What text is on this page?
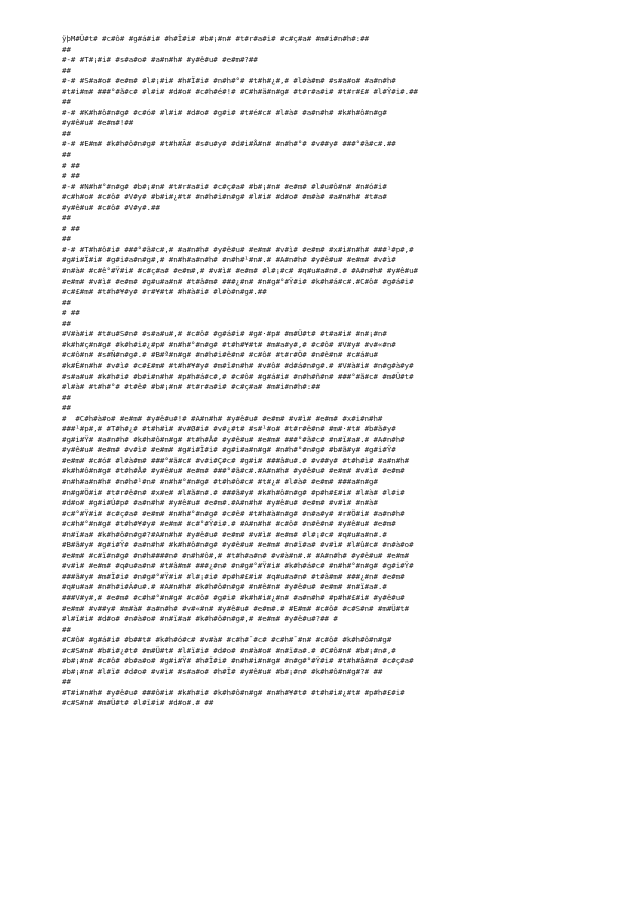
ÿþM#Ü#t# #c#ô# #g#á#i# #h#Ï#i# #b#¡#n# #t#r#a#i# #c#ç#a# #m#i#n#h#:##
##
#-# #T#¡#i# #s#a#o# #a#n#h# #y#ê#u# #e#m#?##
##
#-# #S#a#o# #e#m# #l#¡#i# #h#Ï#i# #n#h#°# #t#h#¿#,# #l#à#m# #s#a#o# #a#n#h#
#t#i#m# ###°#ã#c# #l#i# #d#o# #c#h#é#!# #C#h#ä#n#g# #t#r#a#i# #t#r#£# #l#Ÿ#i#.##
##
#-# #K#h#ô#n#g# #c#ó# #l#i# #d#o# #g#i# #t#é#c# #l#à# #a#n#h# #k#h#ô#n#g#
#y#ê#u# #e#m#!##
##
#-# #E#m# #k#h#ô#n#g# #t#h#Ã# #s#u#y# #d#i#Å#n# #n#h#°# #v##y# ###°#ã#c#.##
##
# ##
# ##
#-# #N#h#°#n#g# #b#¡#n# #t#r#a#i# #c#ç#a# #b#¡#n# #e#m# #l#u#ô#n# #n#ó#i#
#c#h#o# #c#ô# #V#y# #b#i#¿#t# #n#h#i#n#g# #l#i# #d#o# #m#à# #a#n#h# #t#a#
#y#ê#u# #c#ô# #V#y#.##
##
# ##
##
#-# #T#h#ô#i# ###°#ã#c#,# #a#n#h# #y#ê#u# #e#m# #v#ì# #e#m# #x#i#n#h# ###¹#p#,#
#g#i#Ï#i# #g#i#a#n#g#,# #n#h#a#n#h# #n#h#¹#n#.# #A#n#h# #y#ê#u# #e#m# #v#ì#
#n#à# #c#ê°#Ÿ#i# #c#ç#a# #e#m#,# #v#ì# #e#m# #l#¡#c# #q#u#a#n#.# #A#n#h# #y#ê#u#
#e#m# #v#ì# #e#m# #g#u#a#n# #t#â#m# ###¿#n# #n#g#°#Ÿ#i# #k#h#á#c#.#C#ô# #g#á#i#
#c#£#m# #t#h#¥#y# #r#¥#t# #h#à#i# #l#ò#n#g#.##
##
# ##
##
#V#à#i# #t#u#S#n# #s#a#u#,# #c#ô# #g#á#i# #g#·#p# #m#Ü#t# #t#a#i# #n#¡#n#
#k#h#ç#n#g# #k#h#i#¿#p# #n#h#°#n#g# #t#h#¥#t# #m#a#y#,# #c#ô# #V#y# #v#«#n#
#c#ô#n# #s#Ñ#n#g#.# #B#ª#n#g# #n#h#i#ê#n# #c#ô# #t#r#Ö# #n#ê#n# #c#á#u#
#k#É#n#h# #v#ì# #c#£#m# #t#h#¥#y# #m#î#n#h# #v#ô# #d#á#n#g#.# #V#à#i# #n#g#à#y#
#s#a#u# #k#h#i# #b#i#n#h# #p#h#á#c#,# #c#ô# #g#á#i# #n#h#ñ#n# ###°#ã#c# #m#Ü#t#
#l#à# #t#h#°# #t#ê# #b#¡#n# #t#r#a#i# #c#ç#a# #m#i#n#h#:##
##
##
#  #C#h#à#o# #e#m# #y#ê#u#!# #A#n#h# #y#ê#u# #e#m# #v#ì# #e#m# #x#i#n#h#
###¹#p#,# #T#h#¿# #t#h#ì# #v#Ø#i# #v#¿#t# #s#¹#o# #t#r#ê#n# #m#·#t# #b#ã#y#
#g#i#Ÿ# #a#n#h# #k#h#ô#n#g# #t#h#Å# #y#ê#u# #e#m# ###°#ã#c# #n#ï#a#.# #A#n#h#
#y#ê#u# #e#m# #v#ì# #e#m# #g#i#Ï#i# #g#i#a#n#g# #n#h#°#n#g# #b#ã#y# #g#i#Ÿ#
#e#m# #c#ó# #l#à#m# ###°#ã#c# #v#i#Ç#c# #g#i# ###â#u#.# #v##y# #t#h#ì# #a#n#h#
#k#h#ô#n#g# #t#h#Å# #y#ê#u# #e#m# ###°#ã#c#.#A#n#h# #y#ê#u# #e#m# #v#ì# #e#m#
#n#h#a#n#h# #n#h#¹#n# #n#h#°#n#g# #t#h#ô#c# #t#¿# #l#à# #e#m# ###a#n#g#
#n#g#Ö#i# #t#r#ê#n# #x#e# #l#ã#n#.# ###ã#y# #k#h#ô#n#g# #p#h#£#i# #l#à# #l#i#
#d#o# #g#i#Ú#p# #a#n#h# #y#ê#u# #e#m#.#A#n#h# #y#ê#u# #e#m# #v#ì# #n#à#
#c#°#Ÿ#i# #c#ç#a# #e#m# #n#h#°#n#g# #c#ê# #t#h#à#n#g# #n#a#y# #r#Ö#i# #a#n#h#
#c#h#°#n#g# #t#h#¥#y# #e#m# #c#°#Ÿ#i#.# #A#n#h# #c#ô# #n#ê#n# #y#ê#u# #e#m#
#n#ï#a# #k#h#ô#n#g#?#A#n#h# #y#ê#u# #e#m# #v#ì# #e#m# #l#¡#c# #q#u#a#n#.#
#B#ã#y# #g#i#Ÿ# #a#n#h# #k#h#ô#n#g# #y#ê#u# #e#m# #n#ï#a# #v#ì# #l#û#c# #n#à#o#
#e#m# #c#ï#n#g# #n#h####n# #n#h#ô#,# #t#h#a#n# #v#à#n#.# #A#n#h# #y#ê#u# #e#m#
#v#ì# #e#m# #q#u#a#n# #t#â#m# ###¿#n# #n#g#°#Ÿ#i# #k#h#á#c# #n#h#°#n#g# #g#i#Ÿ#
###ã#y# #m#Ï#i# #n#g#°#Ÿ#i# #l#¡#i# #p#h#£#i# #q#u#a#n# #t#â#m# ###¿#n# #e#m#
#q#u#a# #n#h#i#Á#u#.# #A#n#h# #k#h#ô#n#g# #n#ê#n# #y#ê#u# #e#m# #n#ï#a#.#
###V#y#,# #e#m# #c#h#°#n#g# #c#ô# #g#i# #k#h#i#¿#n# #a#n#h# #p#h#£#i# #y#ê#u#
#e#m# #v##y# #m#à# #a#n#h# #v#«#n# #y#ê#u# #e#m#.# #E#m# #c#ô# #c#S#n# #m#Ü#t#
#l#ï#i# #d#o# #n#à#o# #n#ï#a# #k#h#ô#n#g#,# #e#m# #y#ê#u#?## #
##
#C#ô# #g#á#i# #b##t# #k#h#ó#c# #v#à# #c#h#¯#c# #c#h#¯#n# #c#ô# #k#h#ô#n#g#
#c#S#n# #b#i#¿#t# #m#Ü#t# #l#ï#i# #d#o# #n#à#o# #n#ï#a#.# #C#ô#n# #b#¡#n#,#
#b#¡#n# #c#ô# #b#a#o# #g#i#Ÿ# #h#Ï#i# #n#h#i#n#g# #n#g#°#Ÿ#i# #t#h#â#n# #c#ç#a#
#b#¡#n# #l#ï# #d#o# #v#ì# #s#a#o# #h#Ï# #y#ê#u# #b#¡#n# #k#h#ô#n#g#?# ##
##
#T#i#n#h# #y#ê#u# ###ô#i# #k#h#i# #k#h#ô#n#g# #n#h#¥#t# #t#h#i#¿#t# #p#h#£#i#
#c#S#n# #m#Ü#t# #l#ï#i# #d#o#.# ##
